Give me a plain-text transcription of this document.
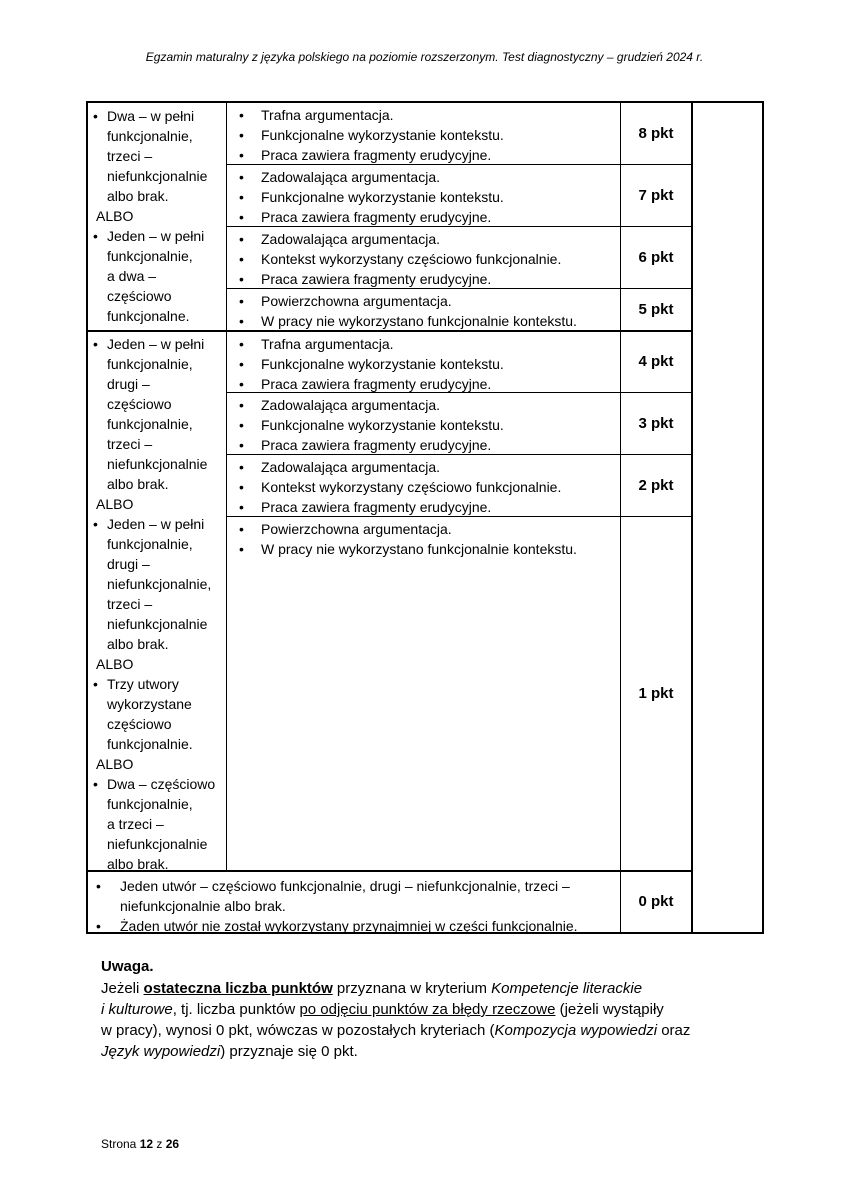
Egzamin maturalny z języka polskiego na poziomie rozszerzonym. Test diagnostyczny – grudzień 2024 r.
• Dwa – w pełni
funkcjonalnie,
trzeci –
niefunkcjonalnie
albo brak.
ALBO
• Jeden – w pełni
funkcjonalnie,
a dwa –
częściowo
funkcjonalne.
• Jeden – w pełni
funkcjonalnie,
drugi –
częściowo
funkcjonalnie,
trzeci –
niefunkcjonalnie
albo brak.
ALBO
• Jeden – w pełni
funkcjonalnie,
drugi –
niefunkcjonalnie,
trzeci –
niefunkcjonalnie
albo brak.
ALBO
• Trzy utwory
wykorzystane
częściowo
funkcjonalnie.
ALBO
• Dwa – częściowo
funkcjonalnie,
a trzeci –
niefunkcjonalnie
albo brak.
• Trafna argumentacja.
• Funkcjonalne wykorzystanie kontekstu.
• Praca zawiera fragmenty erudycyjne.
8 pkt
• Zadowalająca argumentacja.
• Funkcjonalne wykorzystanie kontekstu.
• Praca zawiera fragmenty erudycyjne.
7 pkt
• Zadowalająca argumentacja.
• Kontekst wykorzystany częściowo funkcjonalnie.
• Praca zawiera fragmenty erudycyjne.
6 pkt
• Powierzchowna argumentacja.
• W pracy nie wykorzystano funkcjonalnie kontekstu.
5 pkt
• Trafna argumentacja.
• Funkcjonalne wykorzystanie kontekstu.
• Praca zawiera fragmenty erudycyjne.
4 pkt
• Zadowalająca argumentacja.
• Funkcjonalne wykorzystanie kontekstu.
• Praca zawiera fragmenty erudycyjne.
3 pkt
• Zadowalająca argumentacja.
• Kontekst wykorzystany częściowo funkcjonalnie.
• Praca zawiera fragmenty erudycyjne.
2 pkt
• Powierzchowna argumentacja.
• W pracy nie wykorzystano funkcjonalnie kontekstu.
1 pkt
• Jeden utwór – częściowo funkcjonalnie, drugi – niefunkcjonalnie, trzeci –
niefunkcjonalnie albo brak.
• Żaden utwór nie został wykorzystany przynajmniej w części funkcjonalnie.
0 pkt
Uwaga.
Jeżeli ostateczna liczba punktów przyznana w kryterium Kompetencje literackie
i kulturowe, tj. liczba punktów po odjęciu punktów za błędy rzeczowe (jeżeli wystąpiły
w pracy), wynosi 0 pkt, wówczas w pozostałych kryteriach (Kompozycja wypowiedzi oraz
Język wypowiedzi) przyznaje się 0 pkt.
Strona 12 z 26
